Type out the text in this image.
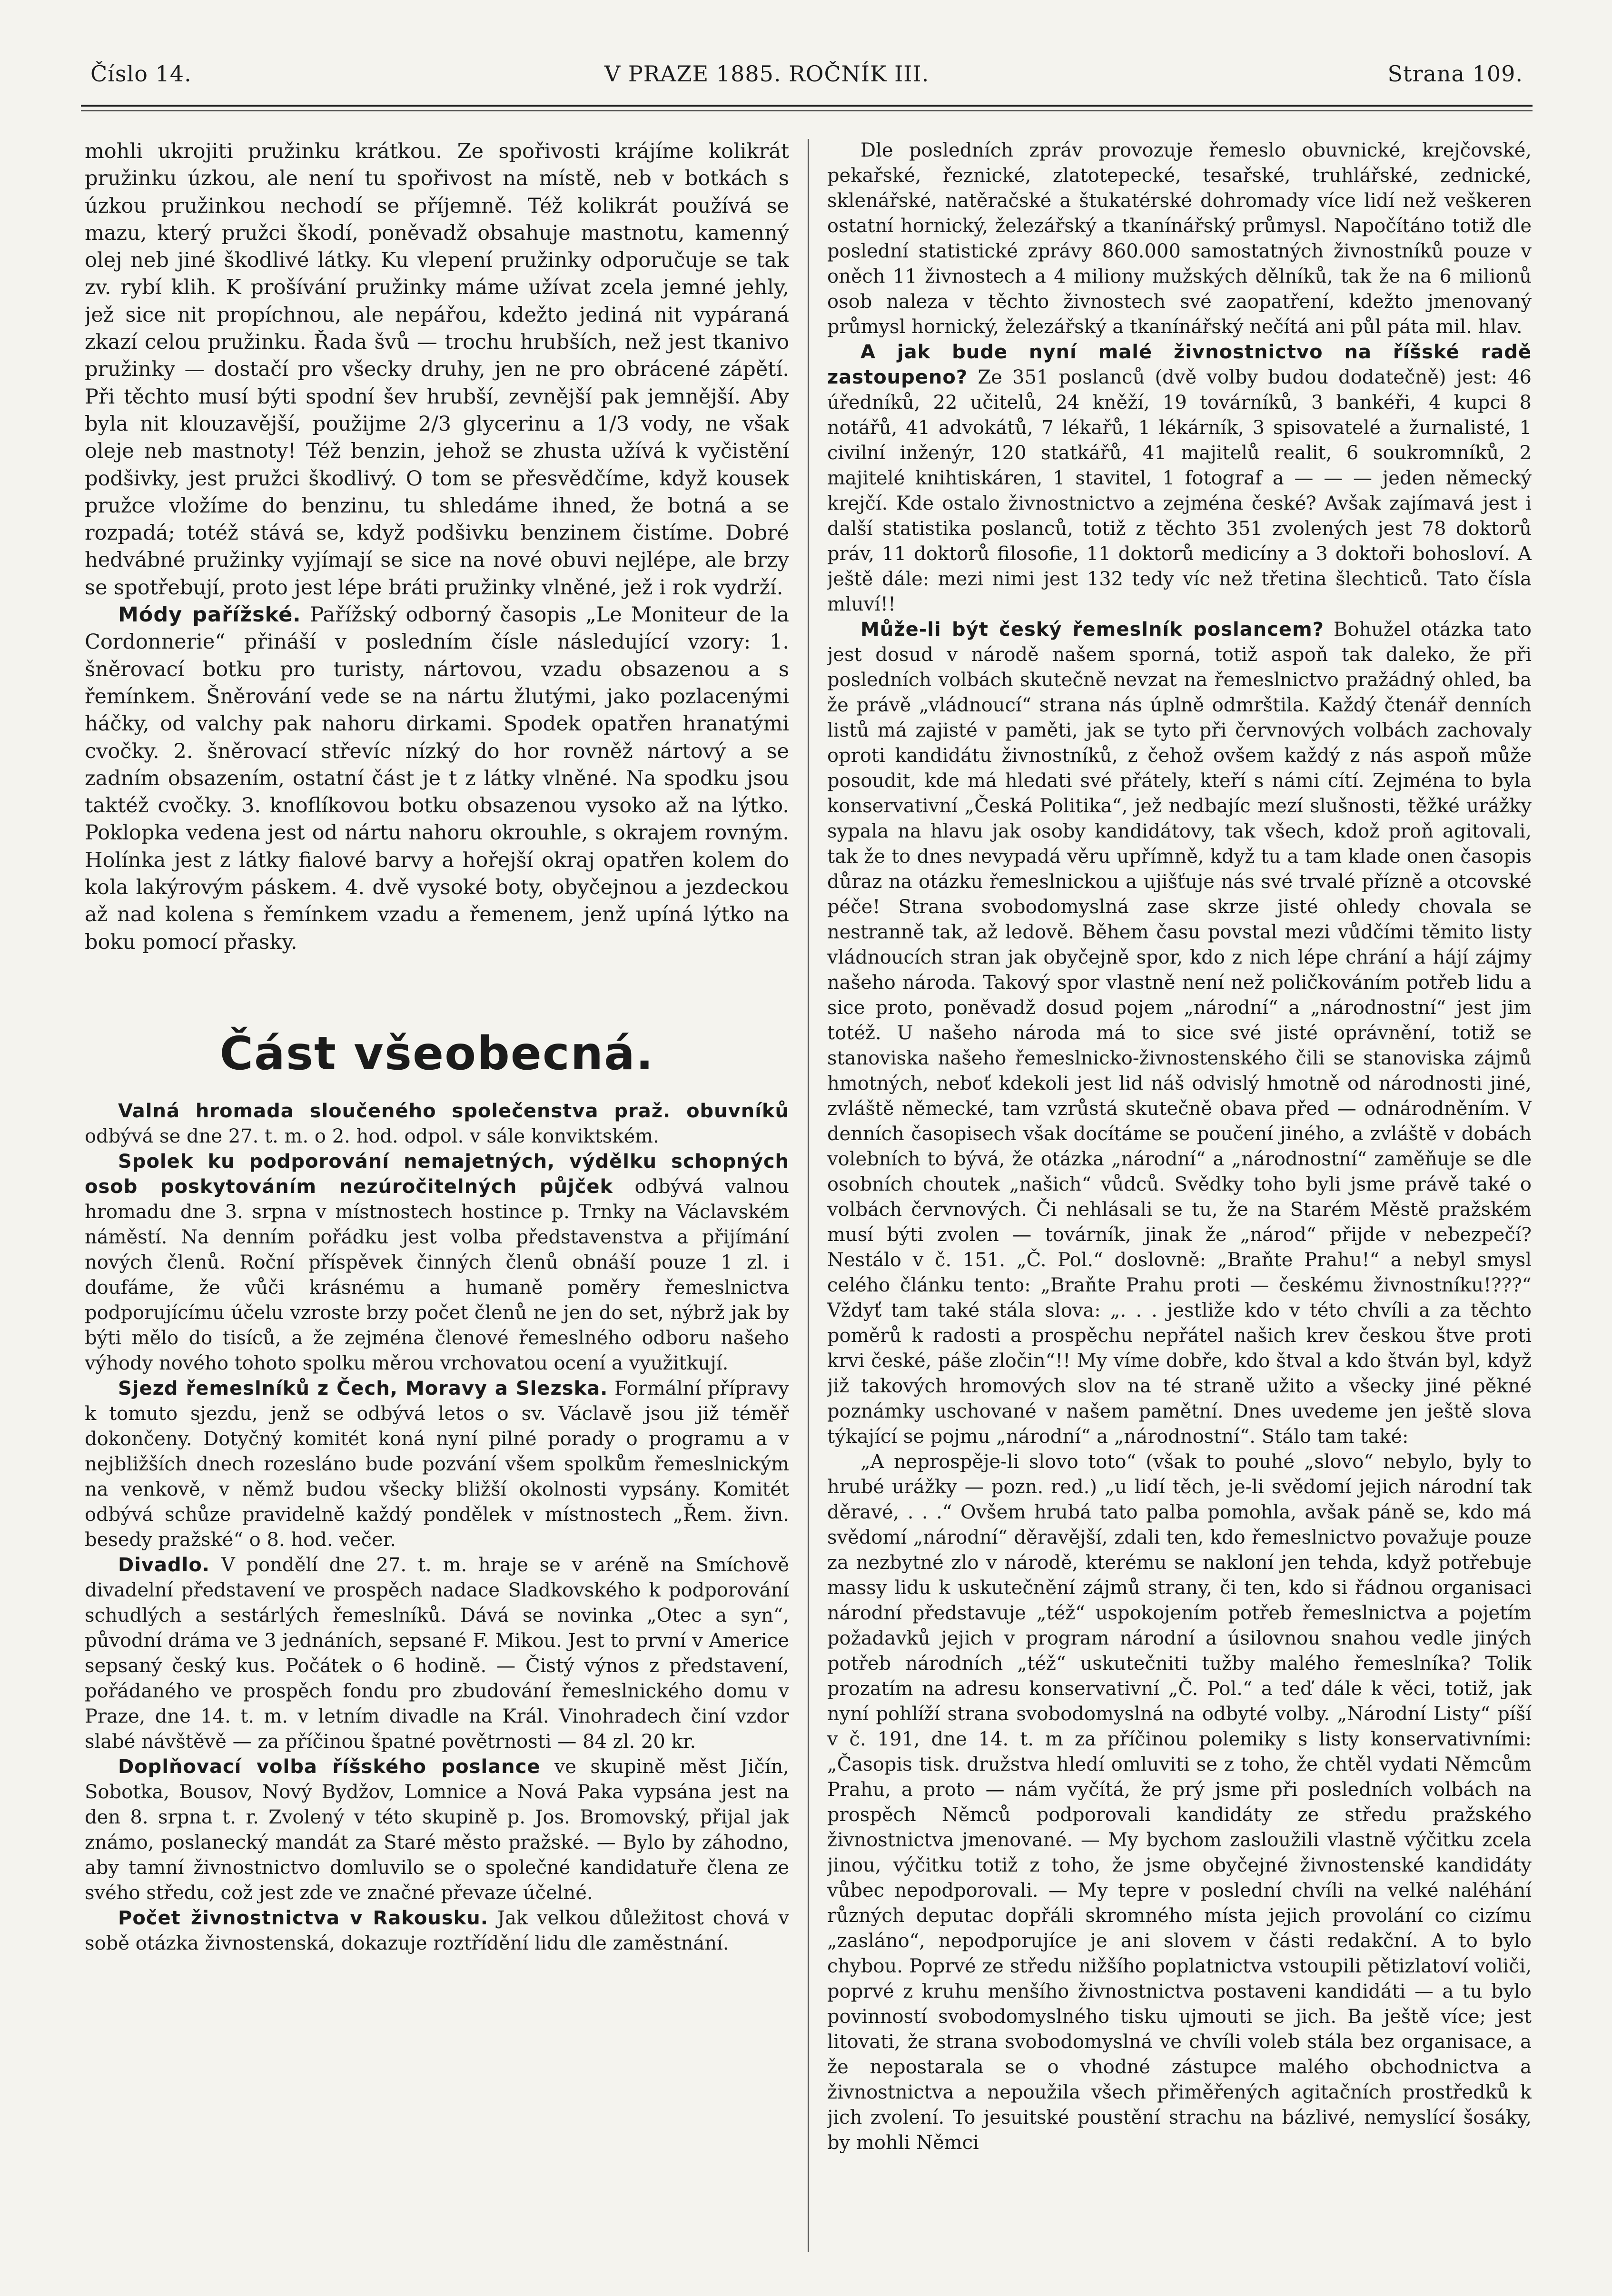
Číslo 14.	V PRAZE 1885. ROČNÍK III.	Strana 109.

mohli ukrojiti pružinku krátkou. Ze spořivosti krájíme kolikrát pružinku úzkou, ale není tu spořivost na místě, neb v botkách s úzkou pružinkou nechodí se příjemně. Též kolikrát používá se mazu, který pružci škodí, poněvadž obsahuje mastnotu, kamenný olej neb jiné škodlivé látky. Ku vlepení pružinky odporučuje se tak zv. rybí klih. K prošívání pružinky máme užívat zcela jemné jehly, jež sice nit propíchnou, ale nepářou, kdežto jediná nit vypáraná zkazí celou pružinku. Řada švů — trochu hrubších, než jest tkanivo pružinky — dostačí pro všecky druhy, jen ne pro obrácené zápětí. Při těchto musí býti spodní šev hrubší, zevnější pak jemnější. Aby byla nit klouzavější, použijme 2/3 glycerinu a 1/3 vody, ne však oleje neb mastnoty! Též benzin, jehož se zhusta užívá k vyčistění podšivky, jest pružci škodlivý. O tom se přesvědčíme, když kousek pružce vložíme do benzinu, tu shledáme ihned, že botná a se rozpadá; totéž stává se, když podšivku benzinem čistíme. Dobré hedvábné pružinky vyjímají se sice na nové obuvi nejlépe, ale brzy se spotřebují, proto jest lépe bráti pružinky vlněné, jež i rok vydrží.

Módy pařížské. Pařížský odborný časopis „Le Moniteur de la Cordonnerie“ přináší v posledním čísle následující vzory: 1. šněrovací botku pro turisty, nártovou, vzadu obsazenou a s řemínkem. Šněrování vede se na nártu žlutými, jako pozlacenými háčky, od valchy pak nahoru dirkami. Spodek opatřen hranatými cvočky. 2. šněrovací střevíc nízký do hor rovněž nártový a se zadním obsazením, ostatní část je t z látky vlněné. Na spodku jsou taktéž cvočky. 3. knoflíkovou botku obsazenou vysoko až na lýtko. Poklopka vedena jest od nártu nahoru okrouhle, s okrajem rovným. Holínka jest z látky fialové barvy a hořejší okraj opatřen kolem do kola lakýrovým páskem. 4. dvě vysoké boty, obyčejnou a jezdeckou až nad kolena s řemínkem vzadu a řemenem, jenž upíná lýtko na boku pomocí přasky.

Část všeobecná.

Valná hromada sloučeného společenstva praž. obuvníků odbývá se dne 27. t. m. o 2. hod. odpol. v sále konviktském.

Spolek ku podporování nemajetných, výdělku schopných osob poskytováním nezúročitelných půjček odbývá valnou hromadu dne 3. srpna v místnostech hostince p. Trnky na Václavském náměstí. Na denním pořádku jest volba představenstva a přijímání nových členů. Roční příspěvek činných členů obnáší pouze 1 zl. i doufáme, že vůči krásnému a humaně poměry řemeslnictva podporujícímu účelu vzroste brzy počet členů ne jen do set, nýbrž jak by býti mělo do tisíců, a že zejména členové řemeslného odboru našeho výhody nového tohoto spolku měrou vrchovatou ocení a využitkují.

Sjezd řemeslníků z Čech, Moravy a Slezska. Formální přípravy k tomuto sjezdu, jenž se odbývá letos o sv. Václavě jsou již téměř dokončeny. Dotyčný komitét koná nyní pilné porady o programu a v nejbližších dnech rozesláno bude pozvání všem spolkům řemeslnickým na venkově, v němž budou všecky bližší okolnosti vypsány. Komitét odbývá schůze pravidelně každý pondělek v místnostech „Řem. živn. besedy pražské“ o 8. hod. večer.

Divadlo. V pondělí dne 27. t. m. hraje se v aréně na Smíchově divadelní představení ve prospěch nadace Sladkovského k podporování schudlých a sestárlých řemeslníků. Dává se novinka „Otec a syn“, původní dráma ve 3 jednáních, sepsané F. Mikou. Jest to první v Americe sepsaný český kus. Počátek o 6 hodině. — Čistý výnos z představení, pořádaného ve prospěch fondu pro zbudování řemeslnického domu v Praze, dne 14. t. m. v letním divadle na Král. Vinohradech činí vzdor slabé návštěvě — za příčinou špatné povětrnosti — 84 zl. 20 kr.

Doplňovací volba říšského poslance ve skupině měst Jičín, Sobotka, Bousov, Nový Bydžov, Lomnice a Nová Paka vypsána jest na den 8. srpna t. r. Zvolený v této skupině p. Jos. Bromovský, přijal jak známo, poslanecký mandát za Staré město pražské. — Bylo by záhodno, aby tamní živnostnictvo domluvilo se o společné kandidatuře člena ze svého středu, což jest zde ve značné převaze účelné.

Počet živnostnictva v Rakousku. Jak velkou důležitost chová v sobě otázka živnostenská, dokazuje roztřídění lidu dle zaměstnání.

Dle posledních zpráv provozuje řemeslo obuvnické, krejčovské, pekařské, řeznické, zlatotepecké, tesařské, truhlářské, zednické, sklenářské, natěračské a štukatérské dohromady více lidí než veškeren ostatní hornický, železářský a tkanínářský průmysl. Napočítáno totiž dle poslední statistické zprávy 860.000 samostatných živnostníků pouze v oněch 11 živnostech a 4 miliony mužských dělníků, tak že na 6 milionů osob naleza v těchto živnostech své zaopatření, kdežto jmenovaný průmysl hornický, železářský a tkanínářský nečítá ani půl páta mil. hlav.

A jak bude nyní malé živnostnictvo na říšské radě zastoupeno? Ze 351 poslanců (dvě volby budou dodatečně) jest: 46 úředníků, 22 učitelů, 24 kněží, 19 továrníků, 3 bankéři, 4 kupci 8 notářů, 41 advokátů, 7 lékařů, 1 lékárník, 3 spisovatelé a žurnalisté, 1 civilní inženýr, 120 statkářů, 41 majitelů realit, 6 soukromníků, 2 majitelé knihtiskáren, 1 stavitel, 1 fotograf a — — — jeden německý krejčí. Kde ostalo živnostnictvo a zejména české? Avšak zajímavá jest i další statistika poslanců, totiž z těchto 351 zvolených jest 78 doktorů práv, 11 doktorů filosofie, 11 doktorů medicíny a 3 doktoři bohosloví. A ještě dále: mezi nimi jest 132 tedy víc než třetina šlechticů. Tato čísla mluví!!

Může-li být český řemeslník poslancem? Bohužel otázka tato jest dosud v národě našem sporná, totiž aspoň tak daleko, že při posledních volbách skutečně nevzat na řemeslnictvo pražádný ohled, ba že právě „vládnoucí“ strana nás úplně odmrštila. Každý čtenář denních listů má zajisté v paměti, jak se tyto při červnových volbách zachovaly oproti kandidátu živnostníků, z čehož ovšem každý z nás aspoň může posoudit, kde má hledati své přátely, kteří s námi cítí. Zejména to byla konservativní „Česká Politika“, jež nedbajíc mezí slušnosti, těžké urážky sypala na hlavu jak osoby kandidátovy, tak všech, kdož proň agitovali, tak že to dnes nevypadá věru upřímně, když tu a tam klade onen časopis důraz na otázku řemeslnickou a ujišťuje nás své trvalé přízně a otcovské péče! Strana svobodomyslná zase skrze jisté ohledy chovala se nestranně tak, až ledově. Během času povstal mezi vůdčími těmito listy vládnoucích stran jak obyčejně spor, kdo z nich lépe chrání a hájí zájmy našeho národa. Takový spor vlastně není než poličkováním potřeb lidu a sice proto, poněvadž dosud pojem „národní“ a „národnostní“ jest jim totéž. U našeho národa má to sice své jisté oprávnění, totiž se stanoviska našeho řemeslnicko-živnostenského čili se stanoviska zájmů hmotných, neboť kdekoli jest lid náš odvislý hmotně od národnosti jiné, zvláště německé, tam vzrůstá skutečně obava před — odnárodněním. V denních časopisech však docítáme se poučení jiného, a zvláště v dobách volebních to bývá, že otázka „národní“ a „národnostní“ zaměňuje se dle osobních choutek „našich“ vůdců. Svědky toho byli jsme právě také o volbách červnových. Či nehlásali se tu, že na Starém Městě pražském musí býti zvolen — továrník, jinak že „národ“ přijde v nebezpečí? Nestálo v č. 151. „Č. Pol.“ doslovně: „Braňte Prahu!“ a nebyl smysl celého článku tento: „Braňte Prahu proti — českému živnostníku!???“ Vždyť tam také stála slova: „. . . jestliže kdo v této chvíli a za těchto poměrů k radosti a prospěchu nepřátel našich krev českou štve proti krvi české, páše zločin“!! My víme dobře, kdo štval a kdo štván byl, když již takových hromových slov na té straně užito a všecky jiné pěkné poznámky uschované v našem pamětní. Dnes uvedeme jen ještě slova týkající se pojmu „národní“ a „národnostní“. Stálo tam také:

„A neprospěje-li slovo toto“ (však to pouhé „slovo“ nebylo, byly to hrubé urážky — pozn. red.) „u lidí těch, je-li svědomí jejich národní tak děravé, . . .“ Ovšem hrubá tato palba pomohla, avšak páně se, kdo má svědomí „národní“ děravější, zdali ten, kdo řemeslnictvo považuje pouze za nezbytné zlo v národě, kterému se nakloní jen tehda, když potřebuje massy lidu k uskutečnění zájmů strany, či ten, kdo si řádnou organisaci národní představuje „též“ uspokojením potřeb řemeslnictva a pojetím požadavků jejich v program národní a úsilovnou snahou vedle jiných potřeb národních „též“ uskutečniti tužby malého řemeslníka? Tolik prozatím na adresu konservativní „Č. Pol.“ a teď dále k věci, totiž, jak nyní pohlíží strana svobodomyslná na odbyté volby. „Národní Listy“ píší v č. 191, dne 14. t. m za příčinou polemiky s listy konservativními: „Časopis tisk. družstva hledí omluviti se z toho, že chtěl vydati Němcům Prahu, a proto — nám vyčítá, že prý jsme při posledních volbách na prospěch Němců podporovali kandidáty ze středu pražského živnostnictva jmenované. — My bychom zasloužili vlastně výčitku zcela jinou, výčitku totiž z toho, že jsme obyčejné živnostenské kandidáty vůbec nepodporovali. — My tepre v poslední chvíli na velké naléhání různých deputac dopřáli skromného místa jejich provolání co cizímu „zasláno“, nepodporujíce je ani slovem v části redakční. A to bylo chybou. Poprvé ze středu nižšího poplatnictva vstoupili pětizlatoví voliči, poprvé z kruhu menšího živnostnictva postaveni kandidáti — a tu bylo povinností svobodomyslného tisku ujmouti se jich. Ba ještě více; jest litovati, že strana svobodomyslná ve chvíli voleb stála bez organisace, a že nepostarala se o vhodné zástupce malého obchodnictva a živnostnictva a nepoužila všech přiměřených agitačních prostředků k jich zvolení. To jesuitské poustění strachu na bázlivé, nemyslící šosáky, by mohli Němci
